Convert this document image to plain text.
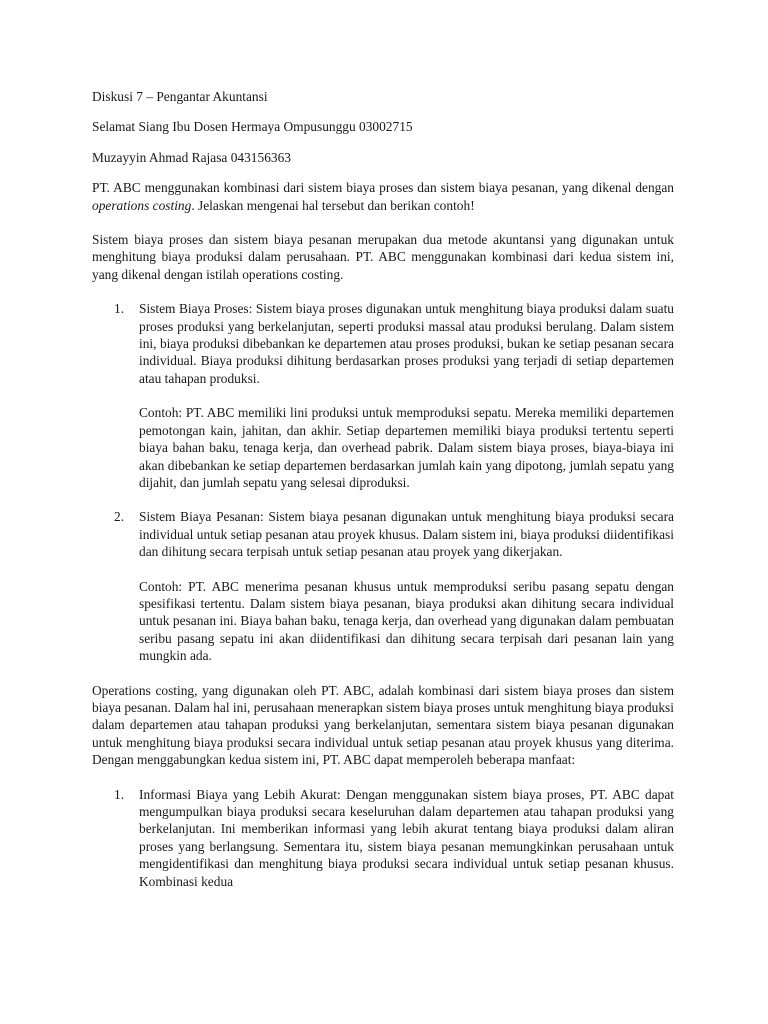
Diskusi 7 – Pengantar Akuntansi

Selamat Siang Ibu Dosen Hermaya Ompusunggu 03002715

Muzayyin Ahmad Rajasa 043156363

PT. ABC menggunakan kombinasi dari sistem biaya proses dan sistem biaya pesanan, yang dikenal dengan operations costing. Jelaskan mengenai hal tersebut dan berikan contoh!

Sistem biaya proses dan sistem biaya pesanan merupakan dua metode akuntansi yang digunakan untuk menghitung biaya produksi dalam perusahaan. PT. ABC menggunakan kombinasi dari kedua sistem ini, yang dikenal dengan istilah operations costing.

1. Sistem Biaya Proses: Sistem biaya proses digunakan untuk menghitung biaya produksi dalam suatu proses produksi yang berkelanjutan, seperti produksi massal atau produksi berulang. Dalam sistem ini, biaya produksi dibebankan ke departemen atau proses produksi, bukan ke setiap pesanan secara individual. Biaya produksi dihitung berdasarkan proses produksi yang terjadi di setiap departemen atau tahapan produksi.

Contoh: PT. ABC memiliki lini produksi untuk memproduksi sepatu. Mereka memiliki departemen pemotongan kain, jahitan, dan akhir. Setiap departemen memiliki biaya produksi tertentu seperti biaya bahan baku, tenaga kerja, dan overhead pabrik. Dalam sistem biaya proses, biaya-biaya ini akan dibebankan ke setiap departemen berdasarkan jumlah kain yang dipotong, jumlah sepatu yang dijahit, dan jumlah sepatu yang selesai diproduksi.

2. Sistem Biaya Pesanan: Sistem biaya pesanan digunakan untuk menghitung biaya produksi secara individual untuk setiap pesanan atau proyek khusus. Dalam sistem ini, biaya produksi diidentifikasi dan dihitung secara terpisah untuk setiap pesanan atau proyek yang dikerjakan.

Contoh: PT. ABC menerima pesanan khusus untuk memproduksi seribu pasang sepatu dengan spesifikasi tertentu. Dalam sistem biaya pesanan, biaya produksi akan dihitung secara individual untuk pesanan ini. Biaya bahan baku, tenaga kerja, dan overhead yang digunakan dalam pembuatan seribu pasang sepatu ini akan diidentifikasi dan dihitung secara terpisah dari pesanan lain yang mungkin ada.

Operations costing, yang digunakan oleh PT. ABC, adalah kombinasi dari sistem biaya proses dan sistem biaya pesanan. Dalam hal ini, perusahaan menerapkan sistem biaya proses untuk menghitung biaya produksi dalam departemen atau tahapan produksi yang berkelanjutan, sementara sistem biaya pesanan digunakan untuk menghitung biaya produksi secara individual untuk setiap pesanan atau proyek khusus yang diterima. Dengan menggabungkan kedua sistem ini, PT. ABC dapat memperoleh beberapa manfaat:

1. Informasi Biaya yang Lebih Akurat: Dengan menggunakan sistem biaya proses, PT. ABC dapat mengumpulkan biaya produksi secara keseluruhan dalam departemen atau tahapan produksi yang berkelanjutan. Ini memberikan informasi yang lebih akurat tentang biaya produksi dalam aliran proses yang berlangsung. Sementara itu, sistem biaya pesanan memungkinkan perusahaan untuk mengidentifikasi dan menghitung biaya produksi secara individual untuk setiap pesanan khusus. Kombinasi kedua
